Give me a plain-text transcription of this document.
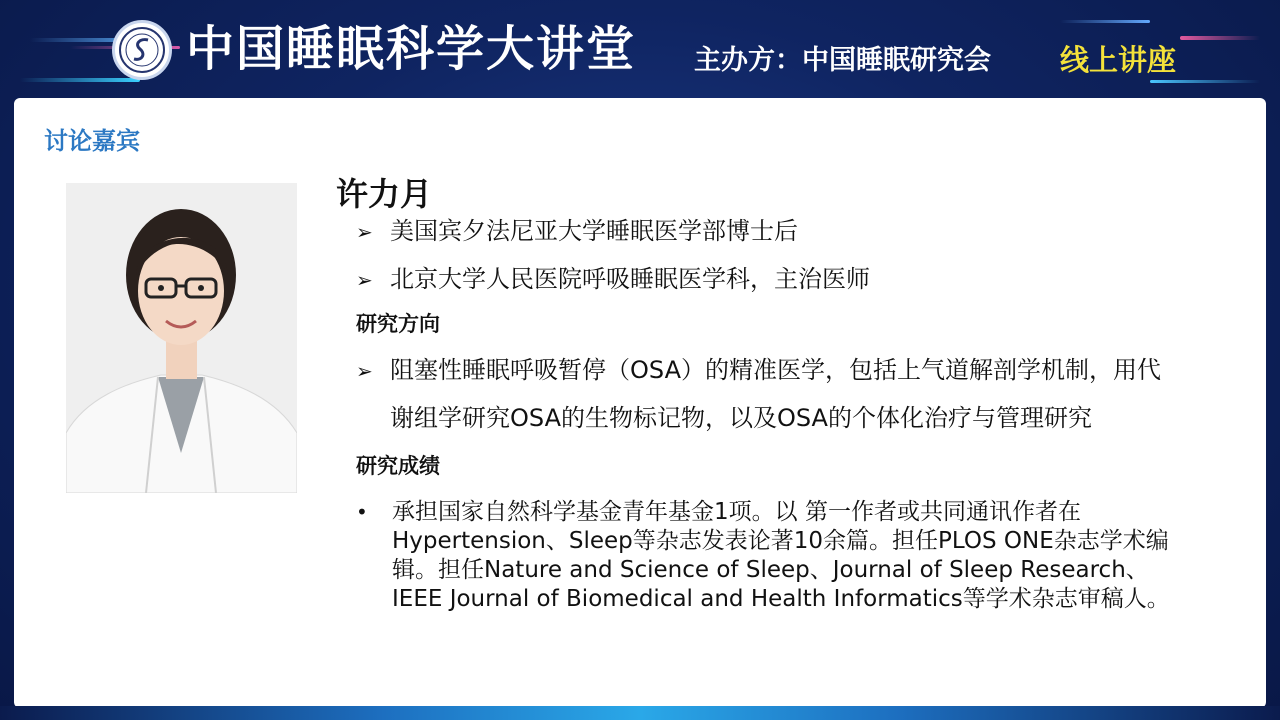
中国睡眠科学大讲堂 主办方：中国睡眠研究会 线上讲座
讨论嘉宾
许力月
➢ 美国宾夕法尼亚大学睡眠医学部博士后
➢ 北京大学人民医院呼吸睡眠医学科，主治医师
研究方向
➢ 阻塞性睡眠呼吸暂停（OSA）的精准医学，包括上气道解剖学机制，用代
谢组学研究OSA的生物标记物，以及OSA的个体化治疗与管理研究
研究成绩
• 承担国家自然科学基金青年基金1项。以 第一作者或共同通讯作者在Hypertension、Sleep等杂志发表论著10余篇。担任PLOS ONE杂志学术编辑。担任Nature and Science of Sleep、Journal of Sleep Research、IEEE Journal of Biomedical and Health Informatics等学术杂志审稿人。
